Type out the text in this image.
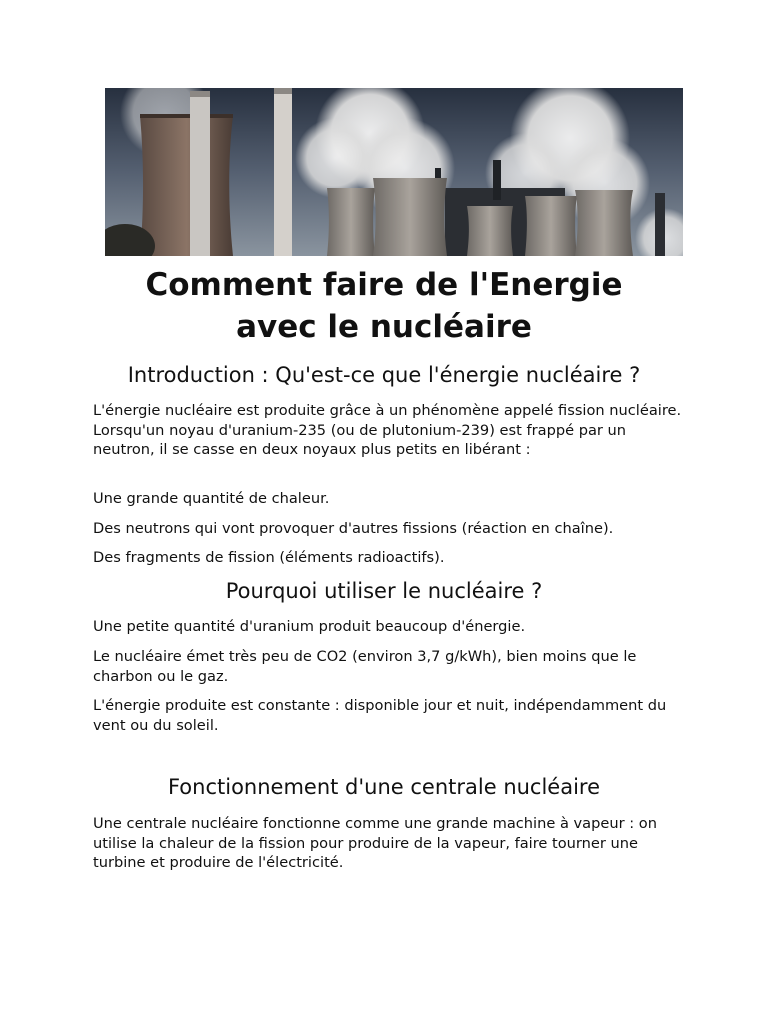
Comment faire de l'Energie
avec le nucléaire
Introduction : Qu'est-ce que l'énergie nucléaire ?
L'énergie nucléaire est produite grâce à un phénomène appelé fission nucléaire.
Lorsqu'un noyau d'uranium-235 (ou de plutonium-239) est frappé par un neutron, il se casse en deux noyaux plus petits en libérant :
Une grande quantité de chaleur.
Des neutrons qui vont provoquer d'autres fissions (réaction en chaîne).
Des fragments de fission (éléments radioactifs).
Pourquoi utiliser le nucléaire ?
Une petite quantité d'uranium produit beaucoup d'énergie.
Le nucléaire émet très peu de CO2 (environ 3,7 g/kWh), bien moins que le charbon ou le gaz.
L'énergie produite est constante : disponible jour et nuit, indépendamment du vent ou du soleil.
Fonctionnement d'une centrale nucléaire
Une centrale nucléaire fonctionne comme une grande machine à vapeur : on utilise la chaleur de la fission pour produire de la vapeur, faire tourner une turbine et produire de l'électricité.
